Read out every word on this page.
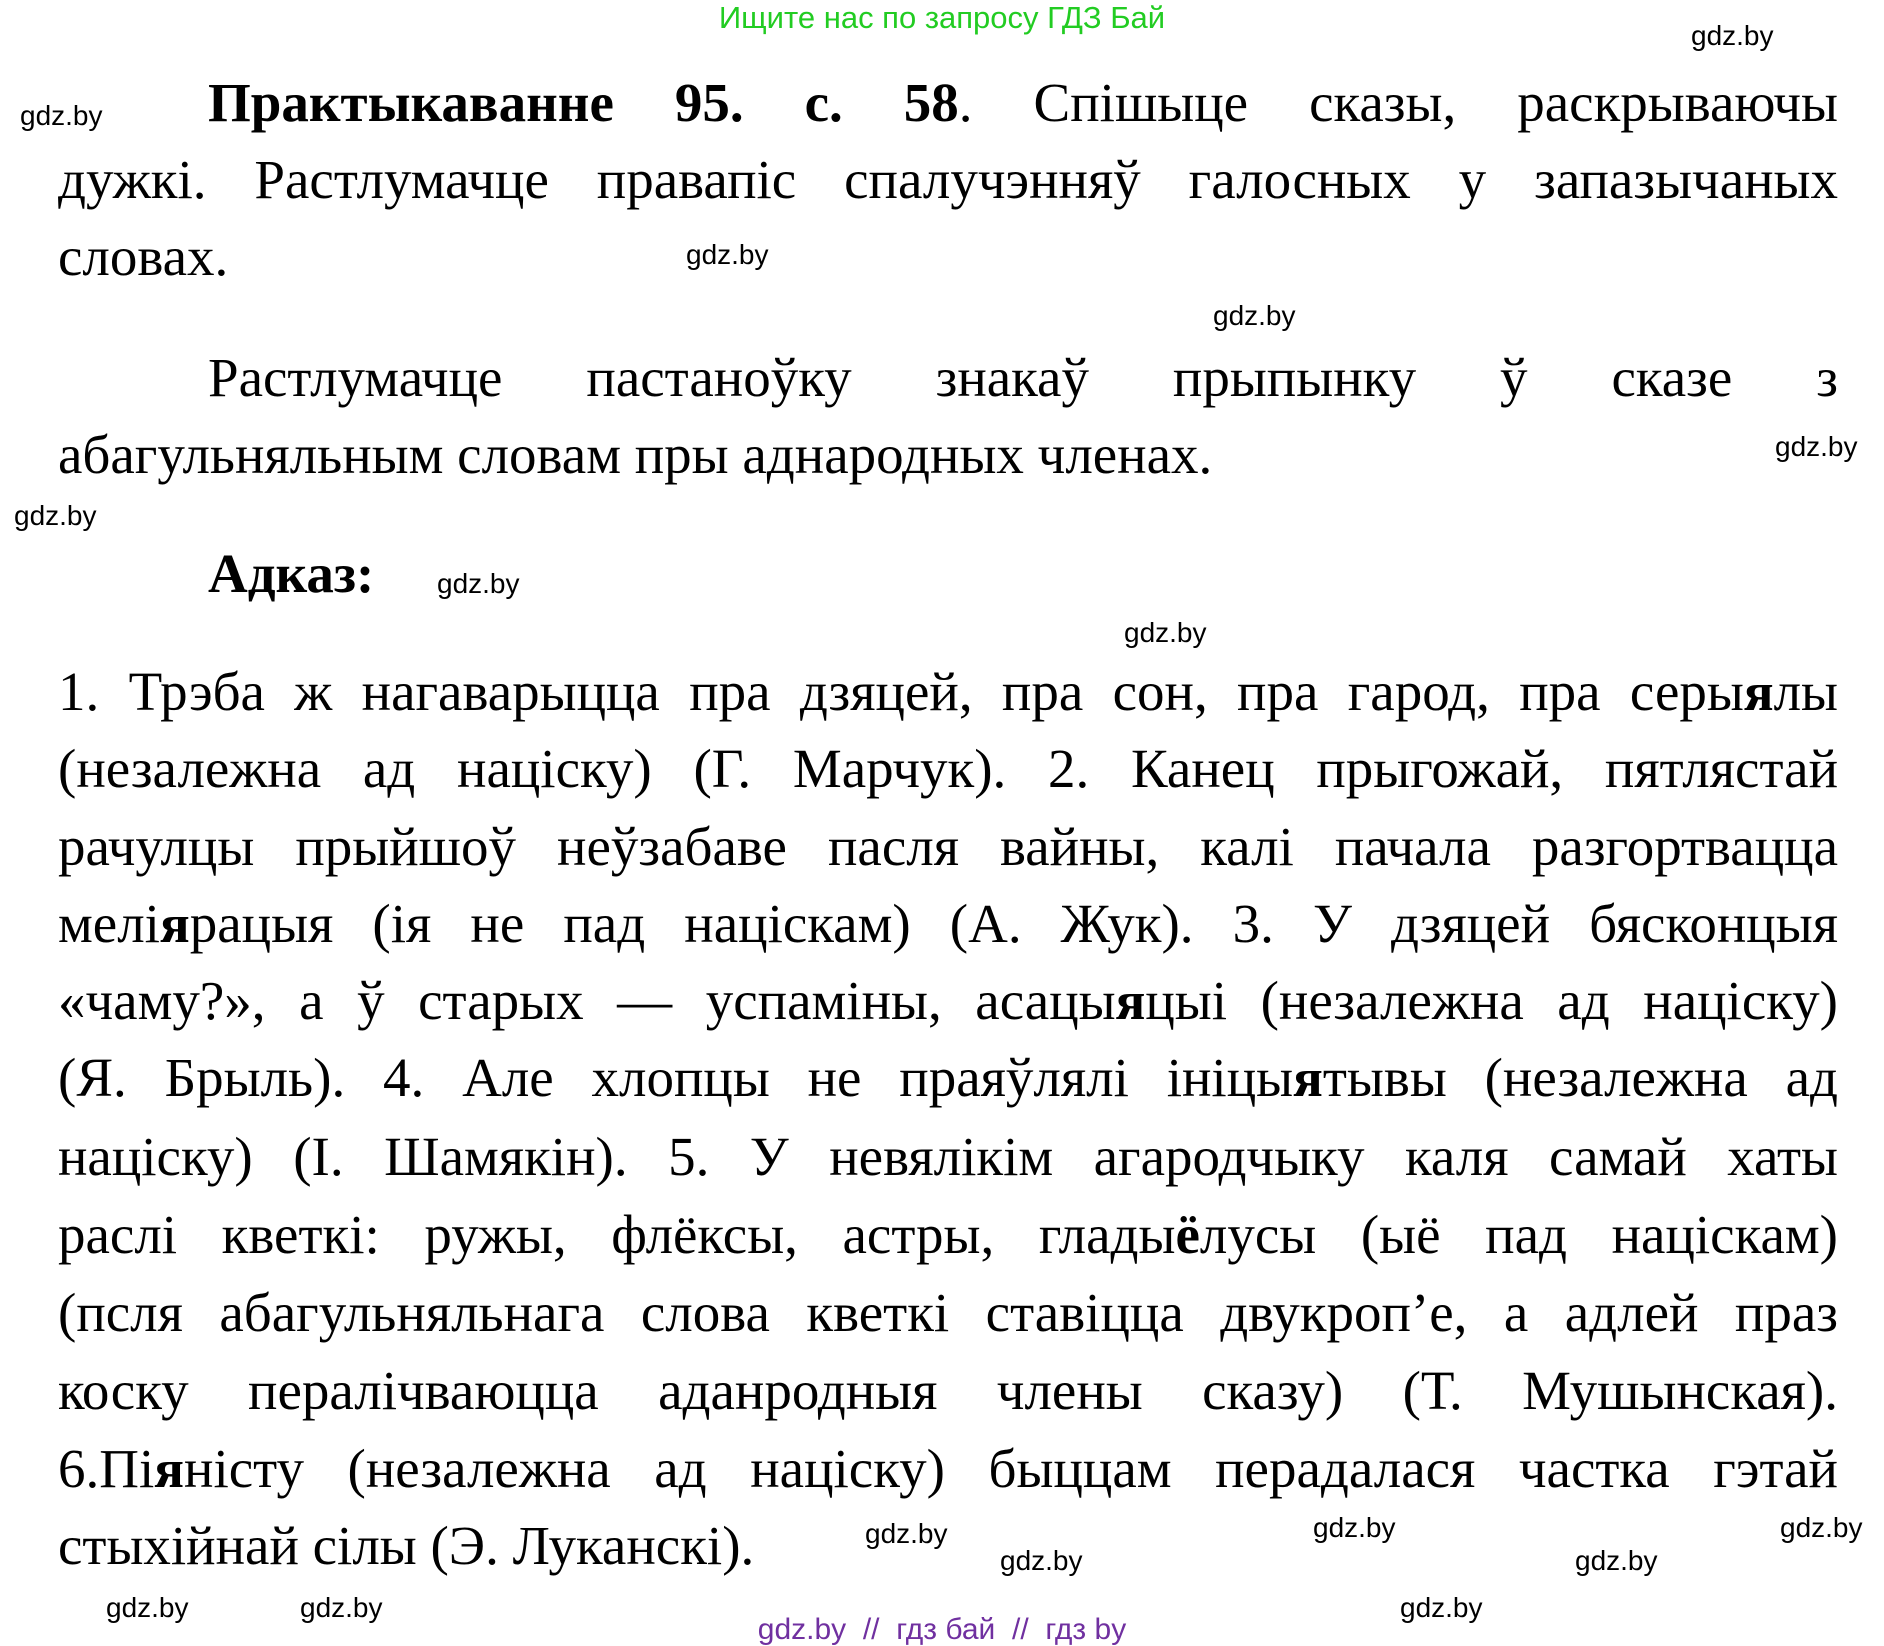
Ищите нас по запросу ГДЗ Бай
Практыкаванне 95. с. 58. Спішыце сказы, раскрываючы
дужкі. Растлумачце правапіс спалучэнняў галосных у запазычаных
словах.
Растлумачце пастаноўку знакаў прыпынку ў сказе з
абагульняльным словам пры аднародных членах.
Адказ:
1. Трэба ж нагаварыцца пра дзяцей, пра сон, пра гарод, пра серыялы
(незалежна ад націску) (Г. Марчук). 2. Канец прыгожай, пятлястай
рачулцы прыйшоў неўзабаве пасля вайны, калі пачала разгортвацца
меліярацыя (ія не пад націскам) (А. Жук). 3. У дзяцей бясконцыя
«чаму?», а ў старых — успаміны, асацыяцыі (незалежна ад націску)
(Я. Брыль). 4. Але хлопцы не праяўлялі ініцыятывы (незалежна ад
націску) (І. Шамякін). 5. У невялікім агародчыку каля самай хаты
раслі кветкі: ружы, флёксы, астры, гладыёлусы (ыё пад націскам)
(псля абагульняльнага слова кветкі ставіцца двукроп’е, а адлей праз
коску пералічваюцца аданродныя члены сказу) (Т. Мушынская).
6.Піяністу (незалежна ад націску) быццам перадалася частка гэтай
стыхійнай сілы (Э. Луканскі).
gdz.by
gdz.by
gdz.by
gdz.by
gdz.by
gdz.by
gdz.by
gdz.by
gdz.by
gdz.by
gdz.by	gdz.by
gdz.by
gdz.by
gdz.by
gdz.by
gdz.by  //  гдз бай  //  гдз by
